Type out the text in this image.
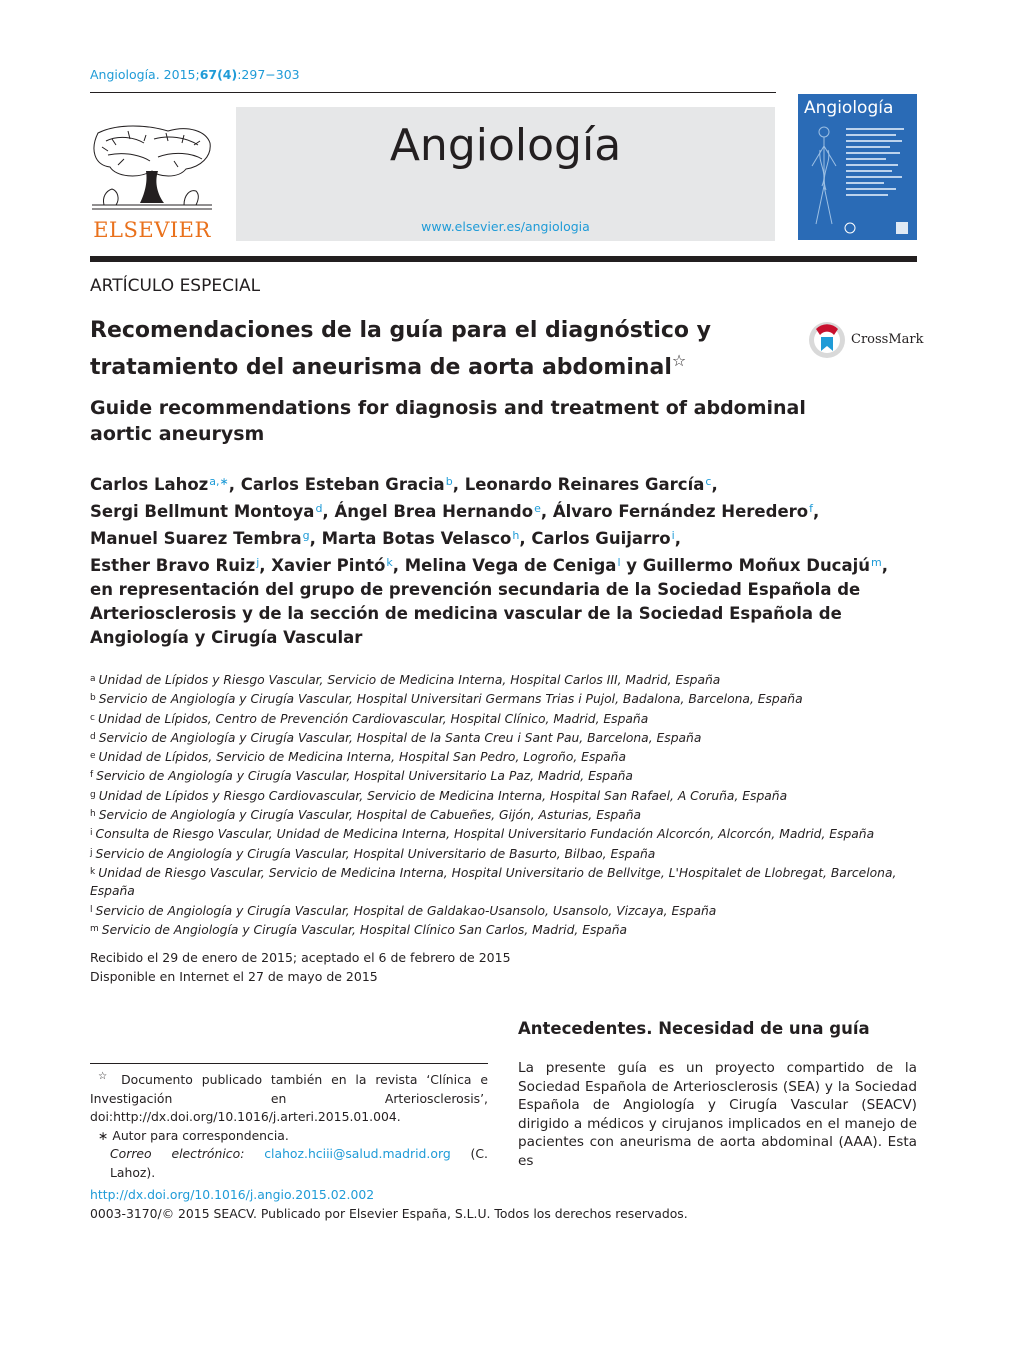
Angiología. 2015;67(4):297−303
ELSEVIER
Angiología
www.elsevier.es/angiologia
Angiología
ARTÍCULO ESPECIAL
Recomendaciones de la guía para el diagnóstico y tratamiento del aneurisma de aorta abdominal☆
CrossMark
Guide recommendations for diagnosis and treatment of abdominal aortic aneurysm
Carlos Lahoz$^{a,∗}$, Carlos Esteban Gracia$^b$, Leonardo Reinares García$^c$,
Sergi Bellmunt Montoya$^d$, Ángel Brea Hernando$^e$, Álvaro Fernández Heredero$^f$,
Manuel Suarez Tembra$^g$, Marta Botas Velasco$^h$, Carlos Guijarro$^i$,
Esther Bravo Ruiz$^j$, Xavier Pintó$^k$, Melina Vega de Ceniga$^l$ y Guillermo Moñux Ducajú$^m$,
en representación del grupo de prevención secundaria de la Sociedad Española de Arteriosclerosis y de la sección de medicina vascular de la Sociedad Española de Angiología y Cirugía Vascular
$^a$ Unidad de Lípidos y Riesgo Vascular, Servicio de Medicina Interna, Hospital Carlos III, Madrid, España
$^b$ Servicio de Angiología y Cirugía Vascular, Hospital Universitari Germans Trias i Pujol, Badalona, Barcelona, España
$^c$ Unidad de Lípidos, Centro de Prevención Cardiovascular, Hospital Clínico, Madrid, España
$^d$ Servicio de Angiología y Cirugía Vascular, Hospital de la Santa Creu i Sant Pau, Barcelona, España
$^e$ Unidad de Lípidos, Servicio de Medicina Interna, Hospital San Pedro, Logroño, España
$^f$ Servicio de Angiología y Cirugía Vascular, Hospital Universitario La Paz, Madrid, España
$^g$ Unidad de Lípidos y Riesgo Cardiovascular, Servicio de Medicina Interna, Hospital San Rafael, A Coruña, España
$^h$ Servicio de Angiología y Cirugía Vascular, Hospital de Cabueñes, Gijón, Asturias, España
$^i$ Consulta de Riesgo Vascular, Unidad de Medicina Interna, Hospital Universitario Fundación Alcorcón, Alcorcón, Madrid, España
$^j$ Servicio de Angiología y Cirugía Vascular, Hospital Universitario de Basurto, Bilbao, España
$^k$ Unidad de Riesgo Vascular, Servicio de Medicina Interna, Hospital Universitario de Bellvitge, L'Hospitalet de Llobregat, Barcelona, España
$^l$ Servicio de Angiología y Cirugía Vascular, Hospital de Galdakao-Usansolo, Usansolo, Vizcaya, España
$^m$ Servicio de Angiología y Cirugía Vascular, Hospital Clínico San Carlos, Madrid, España
Recibido el 29 de enero de 2015; aceptado el 6 de febrero de 2015
Disponible en Internet el 27 de mayo de 2015
☆ Documento publicado también en la revista ‘Clínica e Investigación en Arteriosclerosis’, doi:http://dx.doi.org/10.1016/j.arteri.2015.01.004.
∗ Autor para correspondencia.
Correo electrónico: clahoz.hciii@salud.madrid.org (C. Lahoz).
Antecedentes. Necesidad de una guía
La presente guía es un proyecto compartido de la Sociedad Española de Arteriosclerosis (SEA) y la Sociedad Española de Angiología y Cirugía Vascular (SEACV) dirigido a médicos y cirujanos implicados en el manejo de pacientes con aneurisma de aorta abdominal (AAA). Esta es
http://dx.doi.org/10.1016/j.angio.2015.02.002
0003-3170/© 2015 SEACV. Publicado por Elsevier España, S.L.U. Todos los derechos reservados.
